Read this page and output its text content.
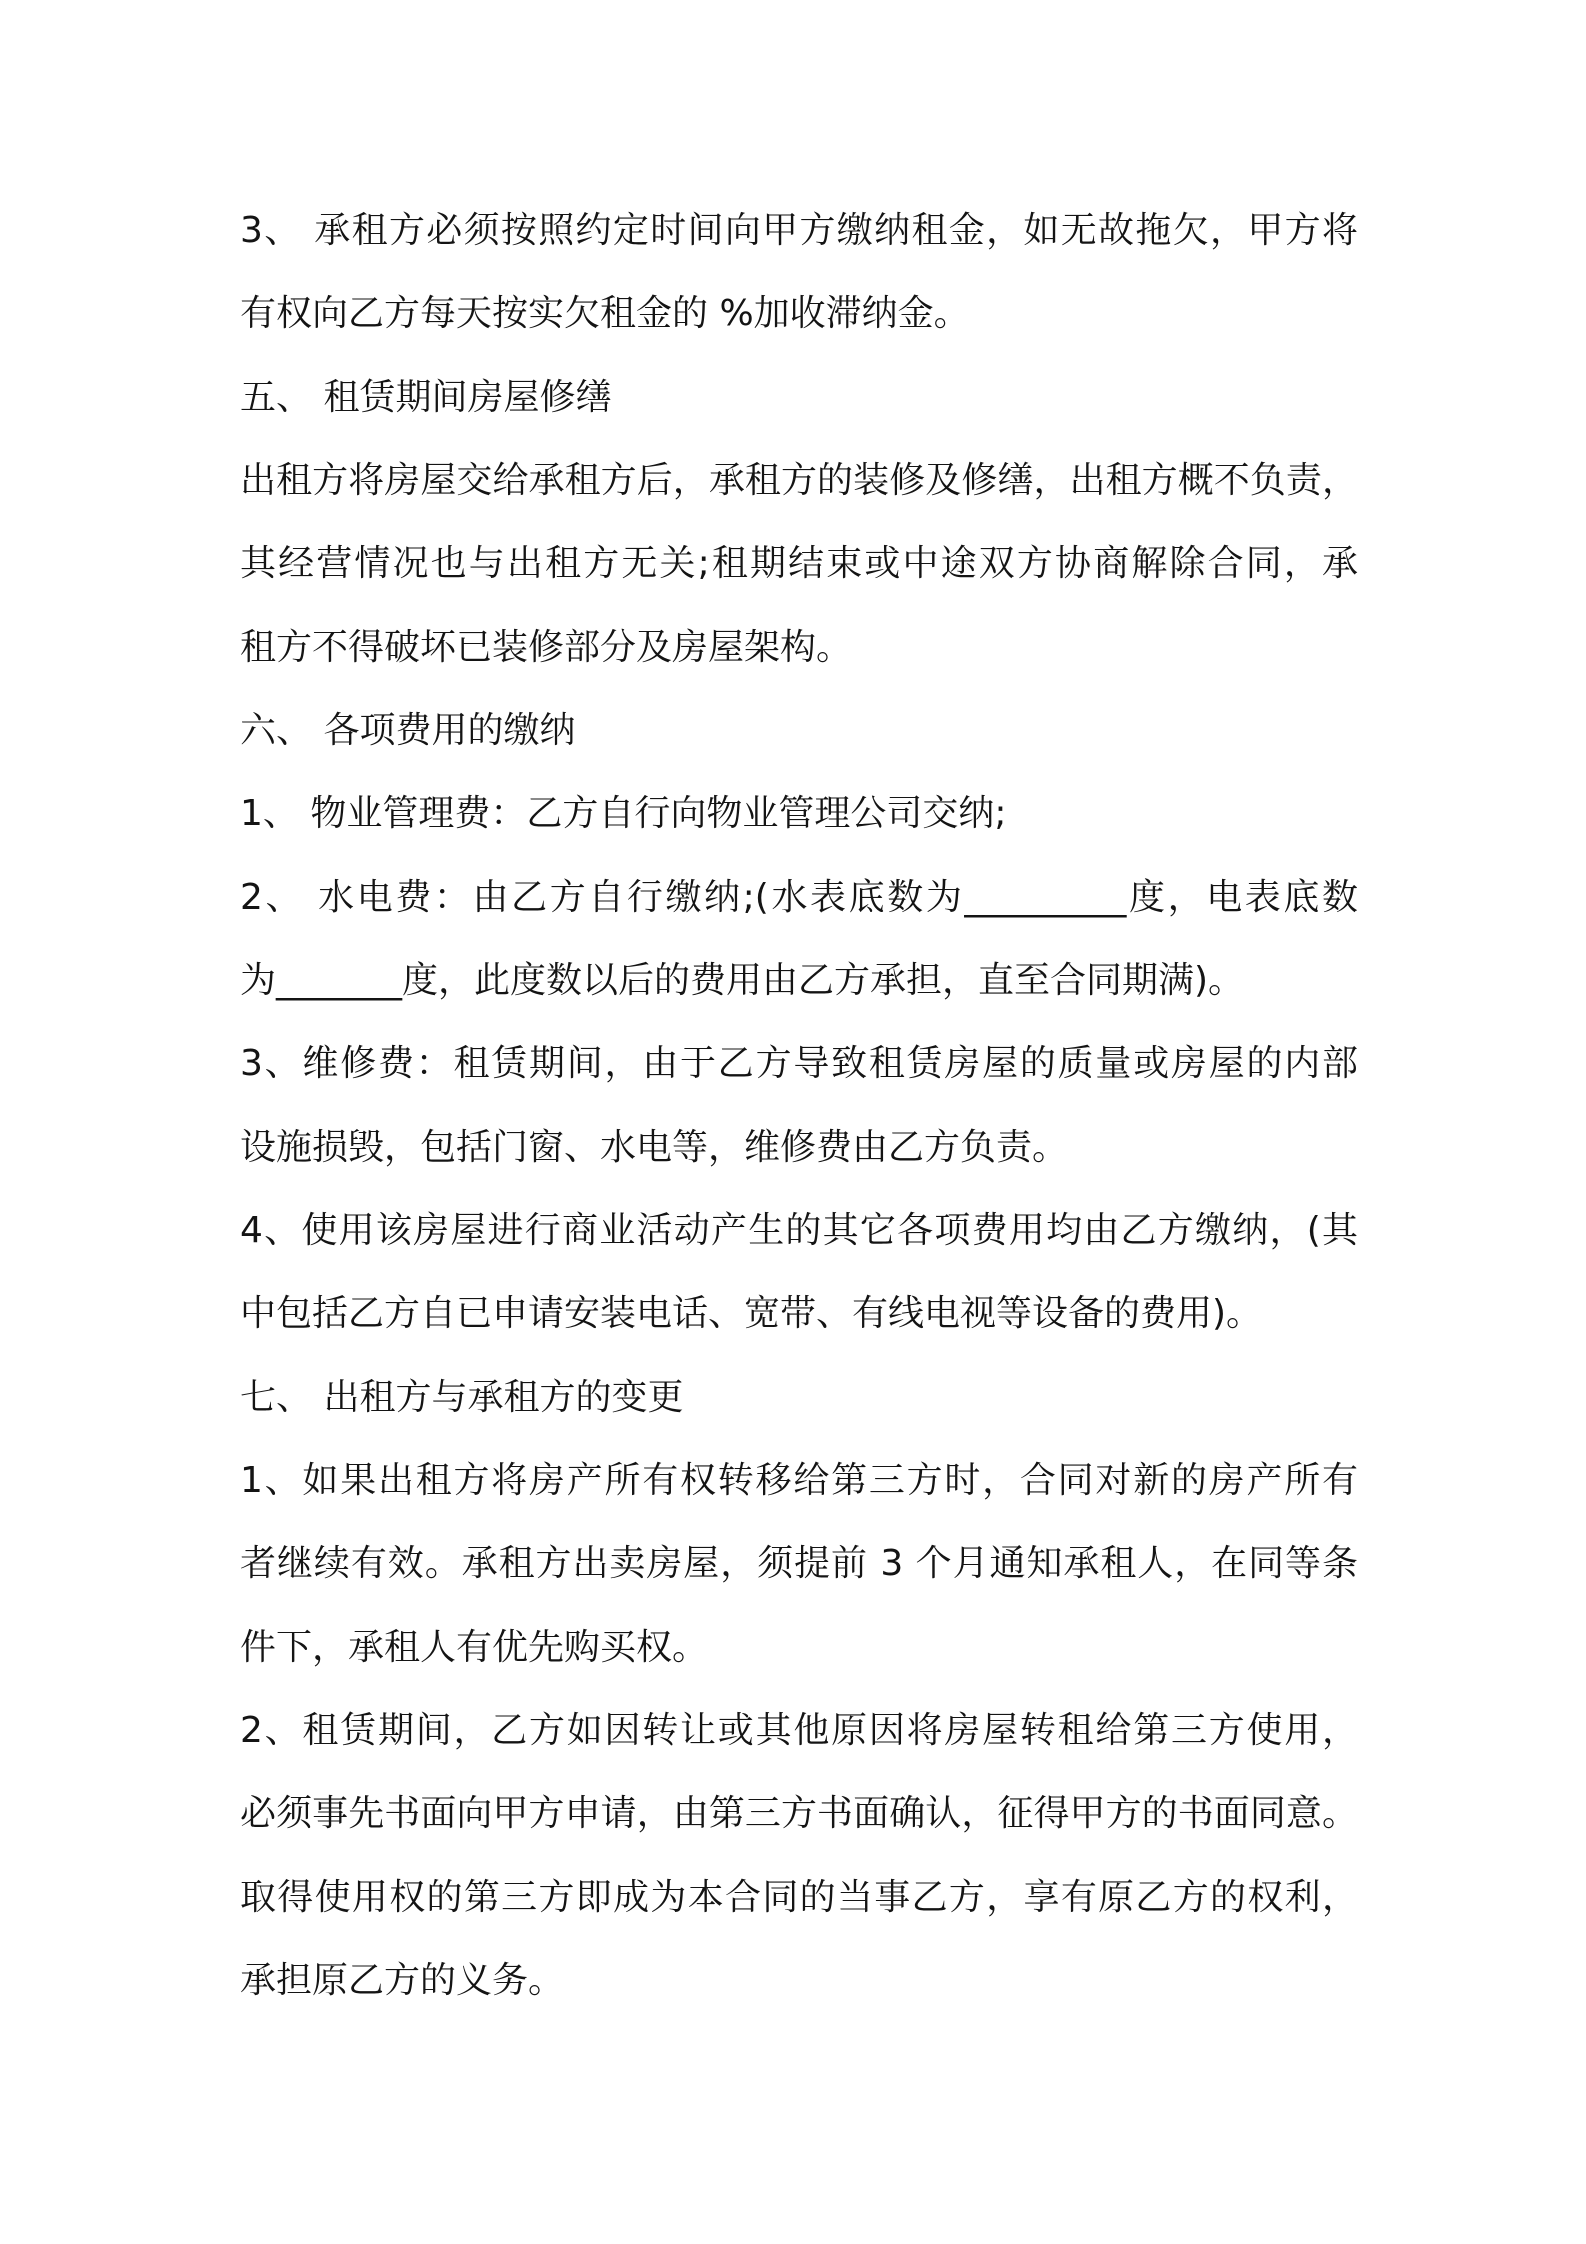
3、 承租方必须按照约定时间向甲方缴纳租金，如无故拖欠，甲方将

有权向乙方每天按实欠租金的 %加收滞纳金。

五、 租赁期间房屋修缮

出租方将房屋交给承租方后，承租方的装修及修缮，出租方概不负责，

其经营情况也与出租方无关;租期结束或中途双方协商解除合同，承

租方不得破坏已装修部分及房屋架构。

六、 各项费用的缴纳

1、 物业管理费：乙方自行向物业管理公司交纳;

2、 水电费：由乙方自行缴纳;(水表底数为_________度，电表底数

为_______度，此度数以后的费用由乙方承担，直至合同期满)。

3、维修费：租赁期间，由于乙方导致租赁房屋的质量或房屋的内部

设施损毁，包括门窗、水电等，维修费由乙方负责。

4、使用该房屋进行商业活动产生的其它各项费用均由乙方缴纳，(其

中包括乙方自已申请安装电话、宽带、有线电视等设备的费用)。

七、 出租方与承租方的变更

1、如果出租方将房产所有权转移给第三方时，合同对新的房产所有

者继续有效。承租方出卖房屋，须提前 3 个月通知承租人，在同等条

件下，承租人有优先购买权。

2、租赁期间，乙方如因转让或其他原因将房屋转租给第三方使用，

必须事先书面向甲方申请，由第三方书面确认，征得甲方的书面同意。

取得使用权的第三方即成为本合同的当事乙方，享有原乙方的权利，

承担原乙方的义务。
